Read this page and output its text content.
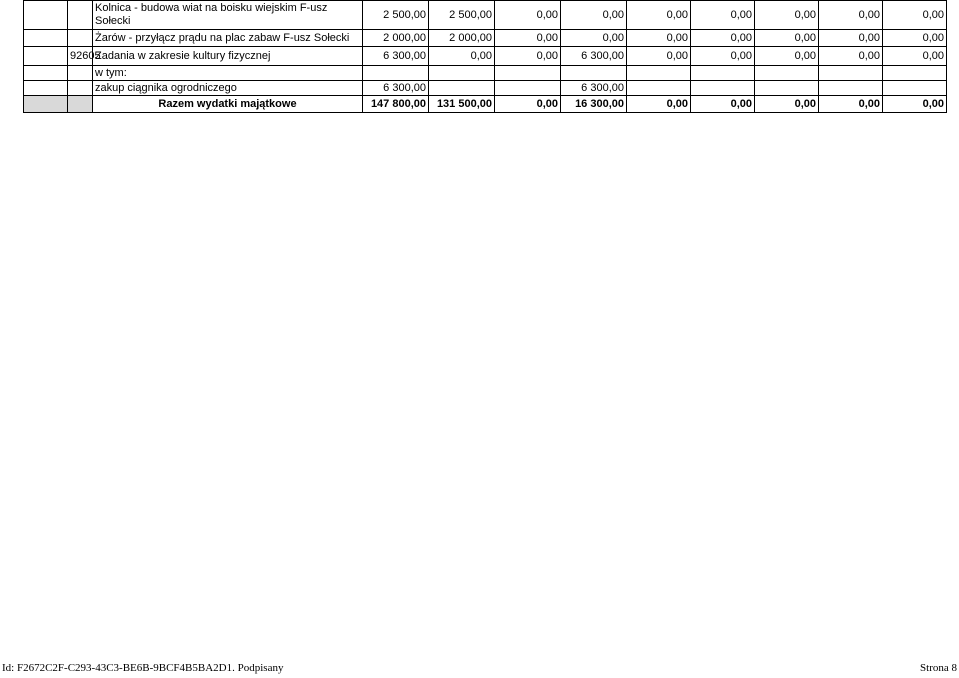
		Kolnica - budowa wiat na boisku wiejskim F-usz Sołecki	2 500,00	2 500,00	0,00	0,00	0,00	0,00	0,00	0,00	0,00
		Żarów - przyłącz prądu na plac zabaw F-usz Sołecki	2 000,00	2 000,00	0,00	0,00	0,00	0,00	0,00	0,00	0,00
	92605	Zadania w zakresie kultury fizycznej	6 300,00	0,00	0,00	6 300,00	0,00	0,00	0,00	0,00	0,00
		w tym:									
		zakup ciągnika ogrodniczego	6 300,00			6 300,00					
		Razem wydatki majątkowe	147 800,00	131 500,00	0,00	16 300,00	0,00	0,00	0,00	0,00	0,00
Id: F2672C2F-C293-43C3-BE6B-9BCF4B5BA2D1. Podpisany	Strona 8
